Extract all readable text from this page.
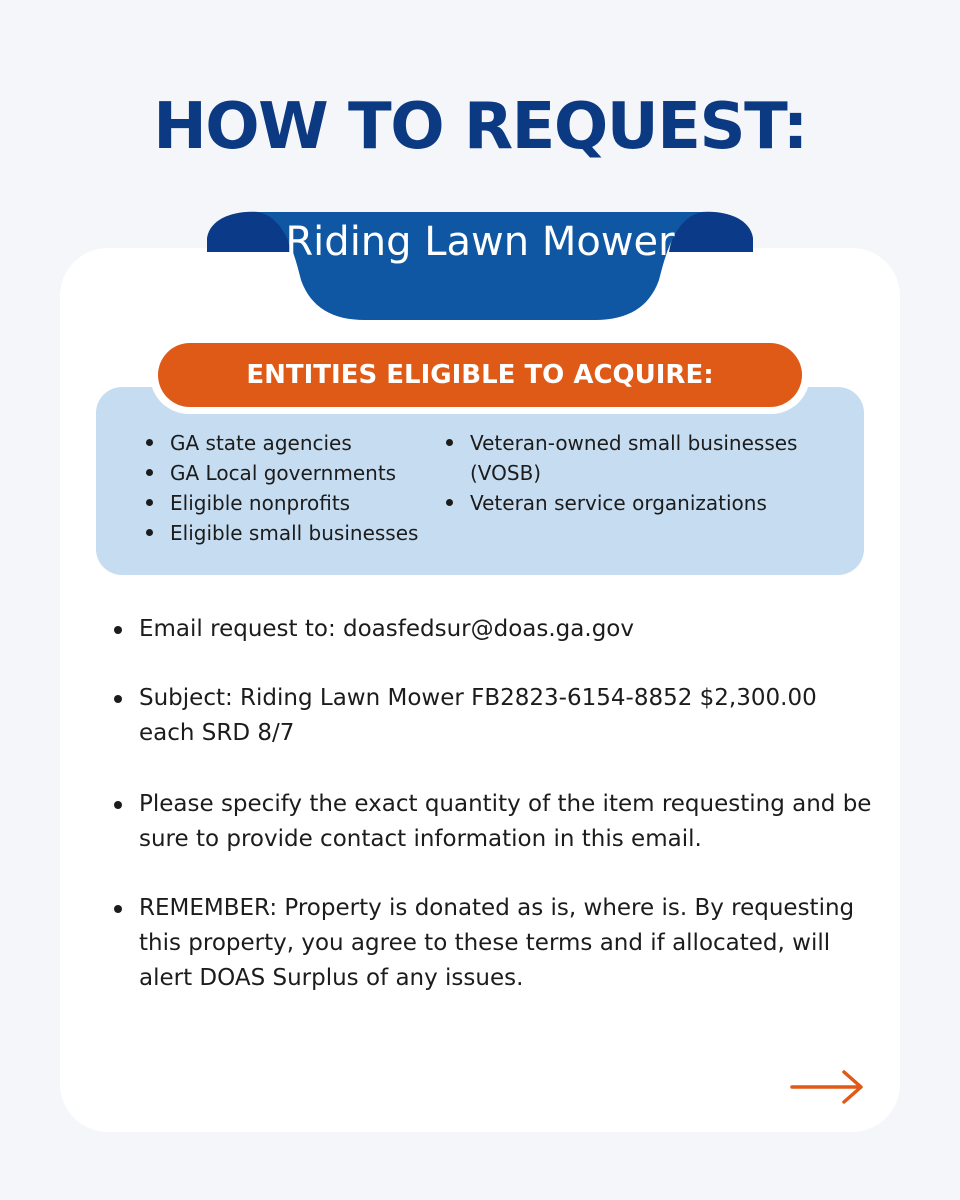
HOW TO REQUEST:
Riding Lawn Mower
ENTITIES ELIGIBLE TO ACQUIRE:
GA state agencies
GA Local governments
Eligible nonprofits
Eligible small businesses
Veteran-owned small businesses (VOSB)
Veteran service organizations
Email request to: doasfedsur@doas.ga.gov
Subject: Riding Lawn Mower FB2823-6154-8852 $2,300.00 each SRD 8/7
Please specify the exact quantity of the item requesting and be sure to provide contact information in this email.
REMEMBER: Property is donated as is, where is. By requesting this property, you agree to these terms and if allocated, will alert DOAS Surplus of any issues.
